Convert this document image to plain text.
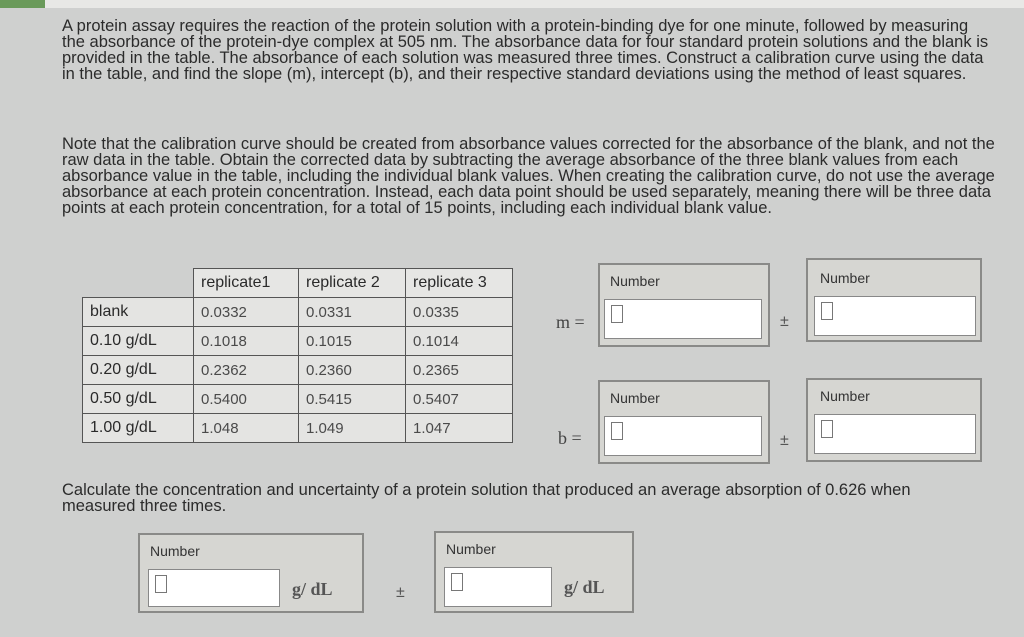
A protein assay requires the reaction of the protein solution with a protein-binding dye for one minute, followed by measuring the absorbance of the protein-dye complex at 505 nm. The absorbance data for four standard protein solutions and the blank is provided in the table. The absorbance of each solution was measured three times. Construct a calibration curve using the data in the table, and find the slope (m), intercept (b), and their respective standard deviations using the method of least squares.

Note that the calibration curve should be created from absorbance values corrected for the absorbance of the blank, and not the raw data in the table. Obtain the corrected data by subtracting the average absorbance of the three blank values from each absorbance value in the table, including the individual blank values. When creating the calibration curve, do not use the average absorbance at each protein concentration. Instead, each data point should be used separately, meaning there will be three data points at each protein concentration, for a total of 15 points, including each individual blank value.

	replicate1	replicate 2	replicate 3
blank	0.0332	0.0331	0.0335
0.10 g/dL	0.1018	0.1015	0.1014
0.20 g/dL	0.2362	0.2360	0.2365
0.50 g/dL	0.5400	0.5415	0.5407
1.00 g/dL	1.048	1.049	1.047
m =
Number
±
Number
b =
Number
±
Number

Calculate the concentration and uncertainty of a protein solution that produced an average absorption of 0.626 when measured three times.

Number
g/ dL	±
Number
g/ dL
